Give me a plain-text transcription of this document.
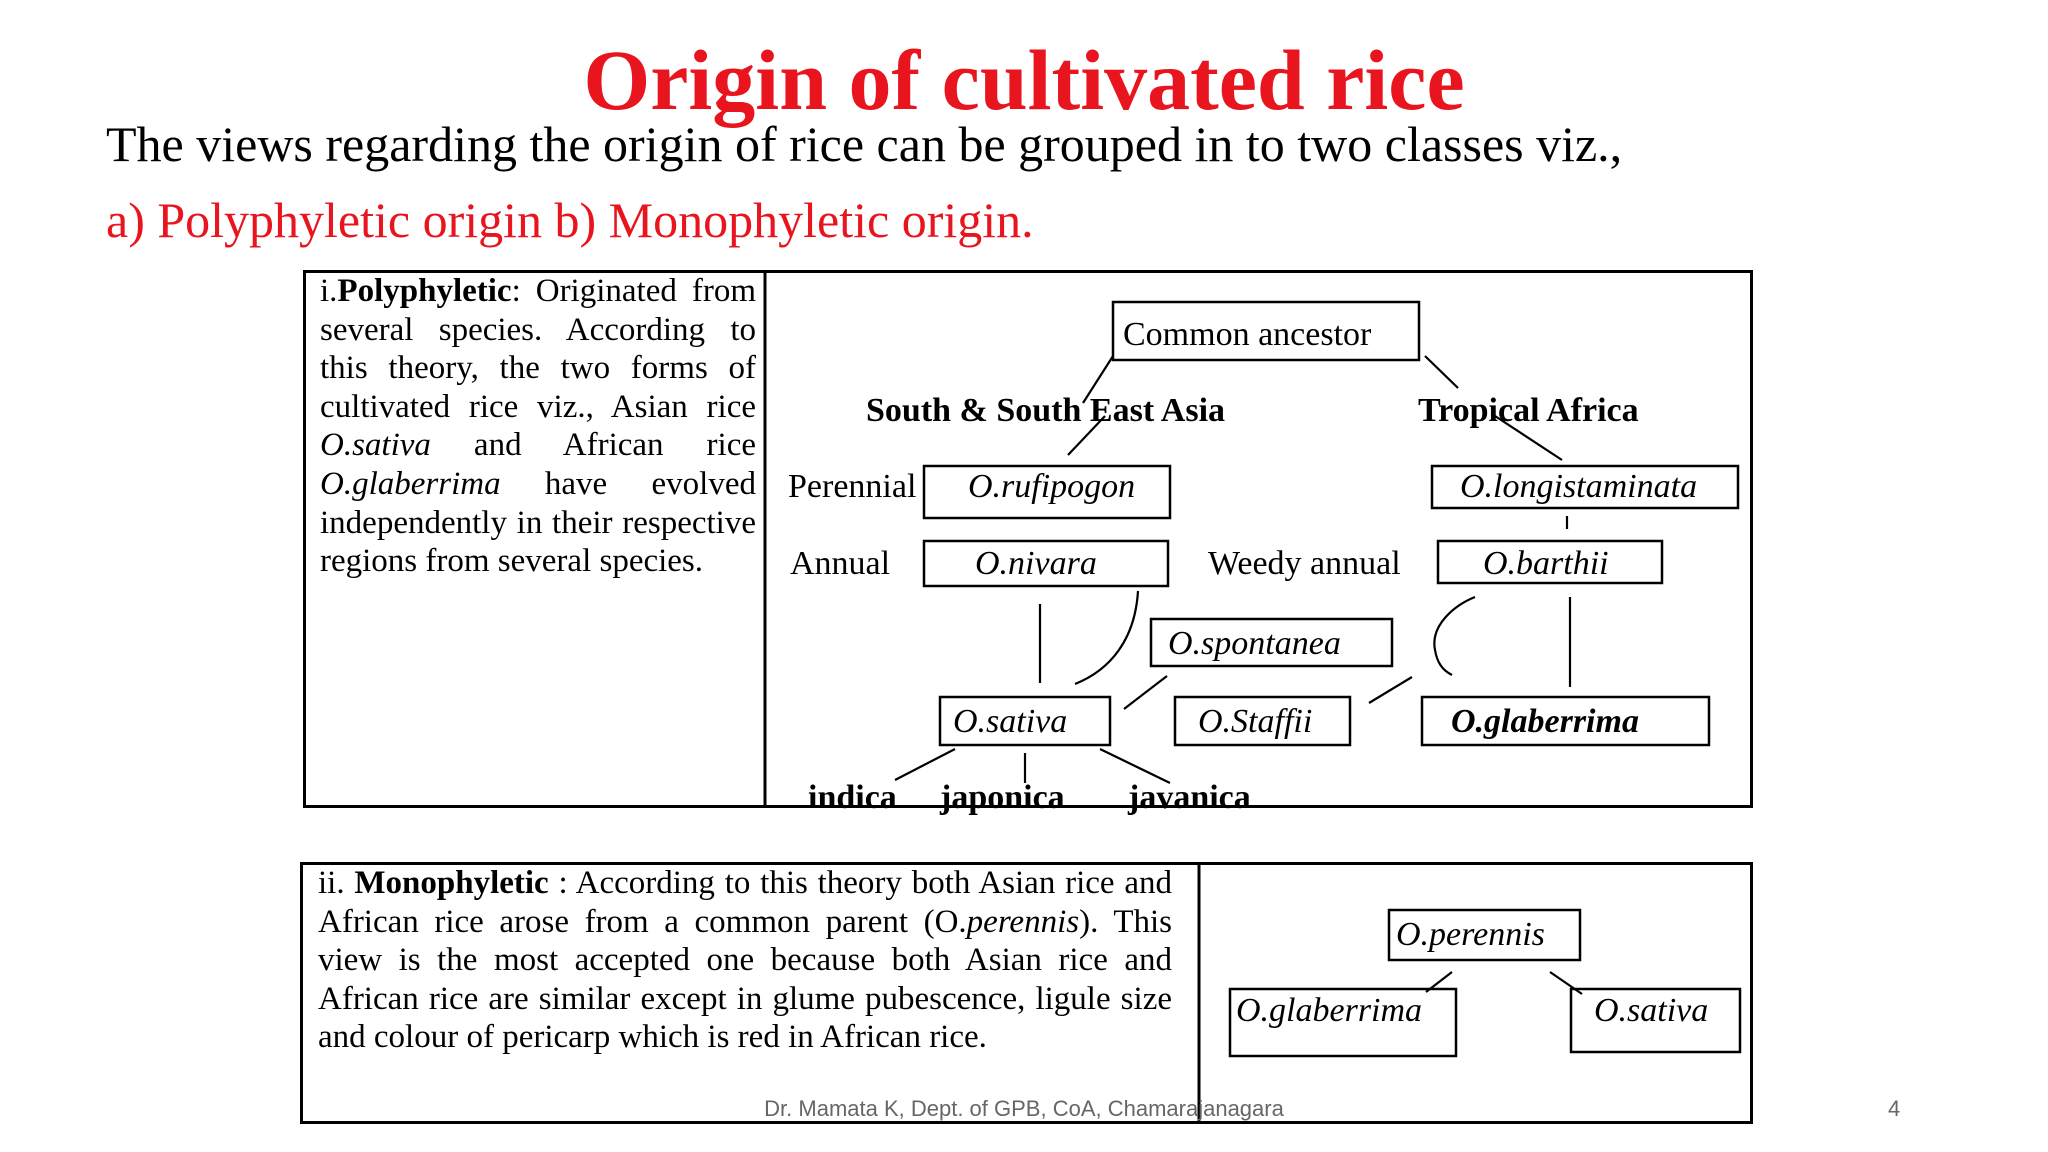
Origin of cultivated rice
The views regarding the origin of rice can be grouped in to two classes viz.,
a) Polyphyletic origin b) Monophyletic origin.
i.Polyphyletic: Originated from several species. According to this theory, the two forms of cultivated rice viz., Asian rice O.sativa and African rice O.glaberrima have evolved independently in their respective regions from several species.
ii. Monophyletic : According to this theory both Asian rice and African rice arose from a common parent (O.perennis). This view is the most accepted one because both Asian rice and African rice are similar except in glume pubescence, ligule size and colour of pericarp which is red in African rice.
Common ancestor
South & South East Asia	Tropical Africa
Perennial O.rufipogon	O.longistaminata
Annual O.nivara	Weedy annual O.barthii
O.spontanea
O.sativa	O.Staffii	O.glaberrima
indica japonica javanica
O.perennis
O.glaberrima	O.sativa
Dr. Mamata K, Dept. of GPB, CoA, Chamarajanagara	4
